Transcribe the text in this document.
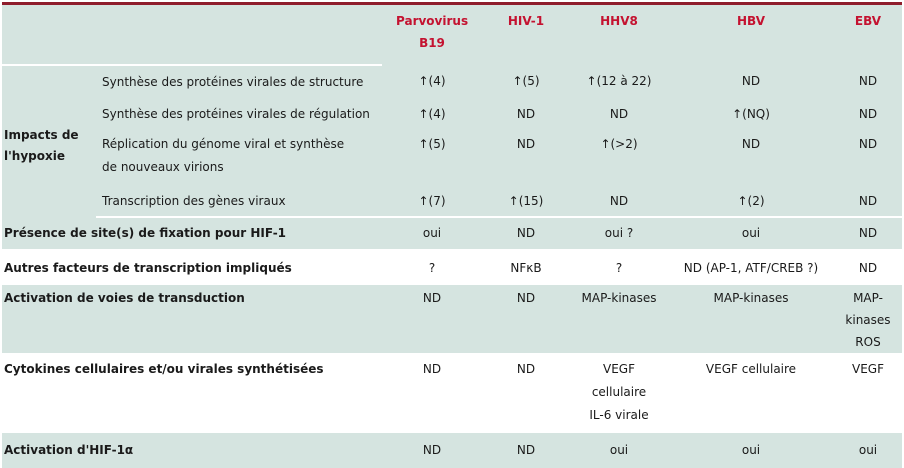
		Parvovirus B19	HIV-1	HHV8	HBV	EBV
Impacts de l'hypoxie	Synthèse des protéines virales de structure	↑(4)	↑(5)	↑(12 à 22)	ND	ND
	Synthèse des protéines virales de régulation	↑(4)	ND	ND	↑(NQ)	ND
	Réplication du génome viral et synthèse de nouveaux virions	↑(5)	ND	↑(>2)	ND	ND
	Transcription des gènes viraux	↑(7)	↑(15)	ND	↑(2)	ND
Présence de site(s) de fixation pour HIF-1		oui	ND	oui ?	oui	ND
Autres facteurs de transcription impliqués		?	NFκB	?	ND (AP-1, ATF/CREB ?)	ND
Activation de voies de transduction		ND	ND	MAP-kinases	MAP-kinases	MAP-kinases ROS
Cytokines cellulaires et/ou virales synthétisées		ND	ND	VEGF cellulaire IL-6 virale	VEGF cellulaire	VEGF
Activation d'HIF-1α		ND	ND	oui	oui	oui
